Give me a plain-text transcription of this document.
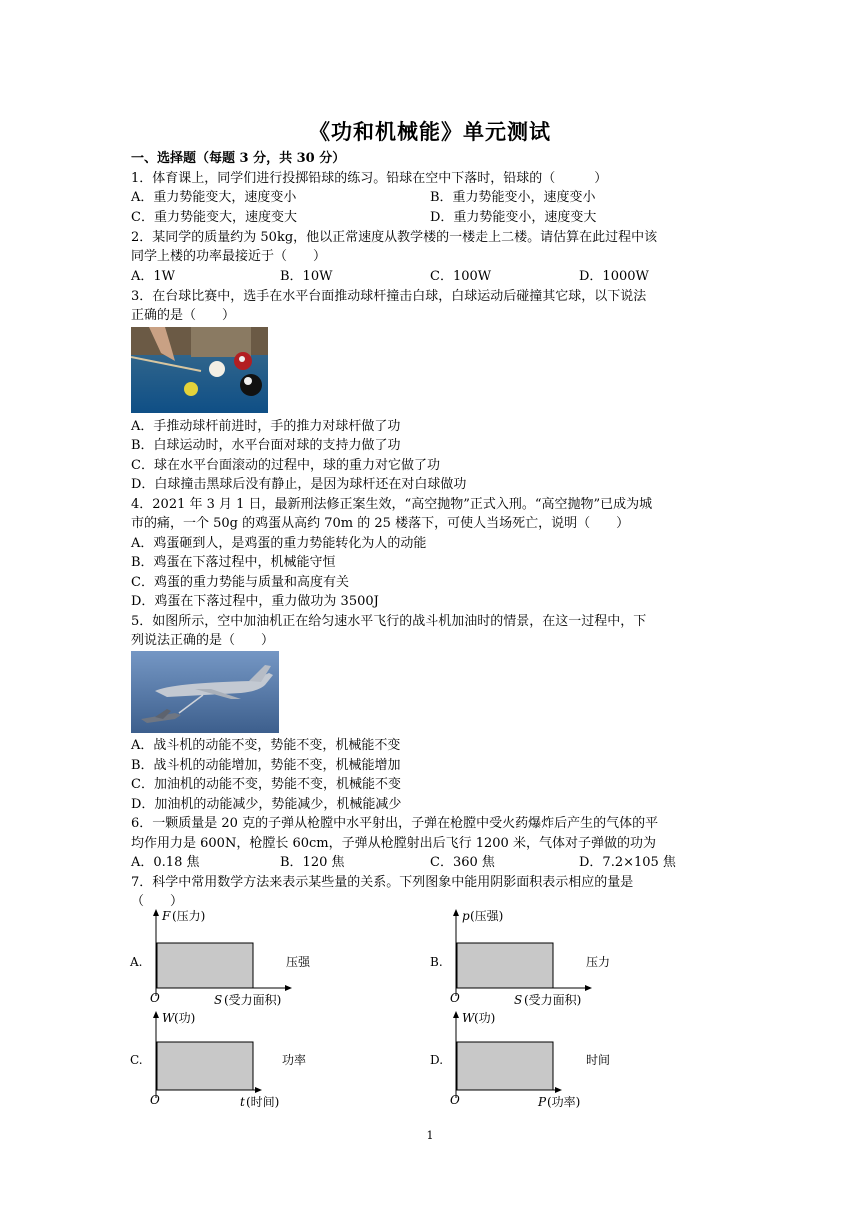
《功和机械能》单元测试
一、选择题（每题 3 分，共 30 分）
1．体育课上，同学们进行投掷铅球的练习。铅球在空中下落时，铅球的（　　　）
A．重力势能变大，速度变小	B．重力势能变小，速度变小
C．重力势能变大，速度变大	D．重力势能变小，速度变大
2．某同学的质量约为 50kg，他以正常速度从教学楼的一楼走上二楼。请估算在此过程中该
同学上楼的功率最接近于（　　）
A．1W	B．10W	C．100W	D．1000W
3．在台球比赛中，选手在水平台面推动球杆撞击白球，白球运动后碰撞其它球，以下说法
正确的是（　　）
A．手推动球杆前进时，手的推力对球杆做了功
B．白球运动时，水平台面对球的支持力做了功
C．球在水平台面滚动的过程中，球的重力对它做了功
D．白球撞击黑球后没有静止，是因为球杆还在对白球做功
4．2021 年 3 月 1 日，最新刑法修正案生效，“高空抛物”正式入刑。“高空抛物”已成为城
市的痛，一个 50g 的鸡蛋从高约 70m 的 25 楼落下，可使人当场死亡，说明（　　）
A．鸡蛋砸到人，是鸡蛋的重力势能转化为人的动能
B．鸡蛋在下落过程中，机械能守恒
C．鸡蛋的重力势能与质量和高度有关
D．鸡蛋在下落过程中，重力做功为 3500J
5．如图所示，空中加油机正在给匀速水平飞行的战斗机加油时的情景，在这一过程中，下
列说法正确的是（　　）
A．战斗机的动能不变，势能不变，机械能不变
B．战斗机的动能增加，势能不变，机械能增加
C．加油机的动能不变，势能不变，机械能不变
D．加油机的动能减少，势能减少，机械能减少
6．一颗质量是 20 克的子弹从枪膛中水平射出，子弹在枪膛中受火药爆炸后产生的气体的平
均作用力是 600N，枪膛长 60cm，子弹从枪膛射出后飞行 1200 米，气体对子弹做的功为
A．0.18 焦	B．120 焦	C．360 焦	D．7.2×105 焦
7．科学中常用数学方法来表示某些量的关系。下列图象中能用阴影面积表示相应的量是
（　　）
A.
F (压力)
O	S (受力面积)
压强	B.
p (压强)
O	S (受力面积)
压力
C.
W (功)
O	t (时间)
功率	D.
W (功)
O	P (功率)
时间
1
